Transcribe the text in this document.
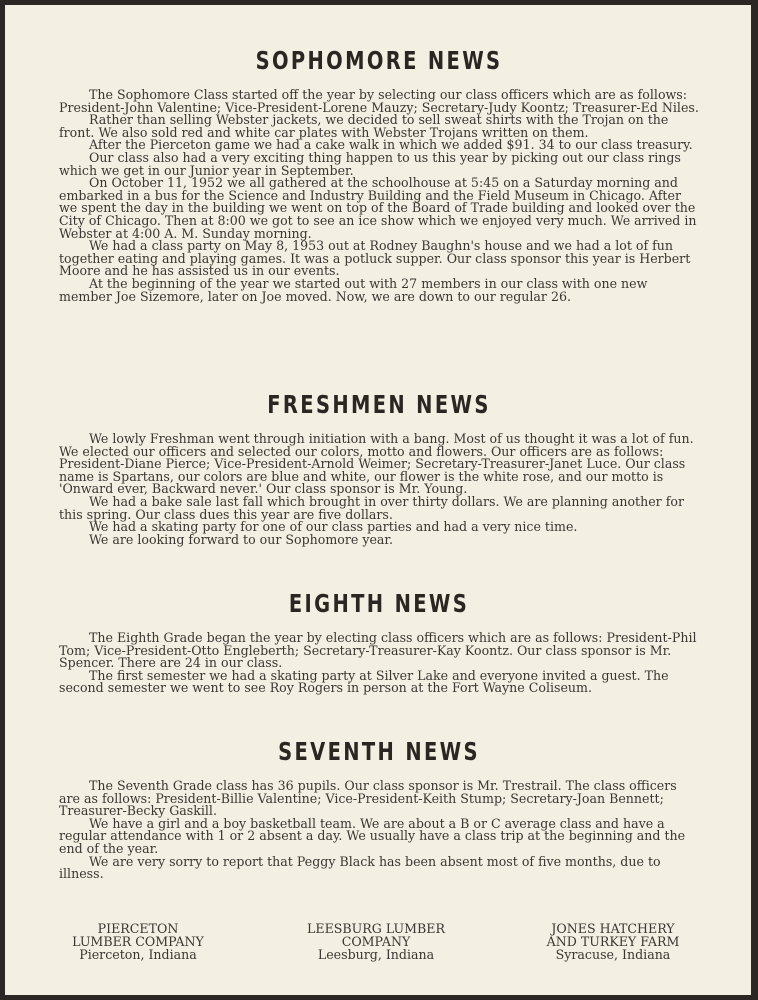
SOPHOMORE NEWS

The Sophomore Class started off the year by selecting our class officers which are as follows: President-John Valentine; Vice-President-Lorene Mauzy; Secretary-Judy Koontz; Treasurer-Ed Niles.

Rather than selling Webster jackets, we decided to sell sweat shirts with the Trojan on the front. We also sold red and white car plates with Webster Trojans written on them.

After the Pierceton game we had a cake walk in which we added $91. 34 to our class treasury.

Our class also had a very exciting thing happen to us this year by picking out our class rings which we get in our Junior year in September.

On October 11, 1952 we all gathered at the schoolhouse at 5:45 on a Saturday morning and embarked in a bus for the Science and Industry Building and the Field Museum in Chicago. After we spent the day in the building we went on top of the Board of Trade building and looked over the City of Chicago. Then at 8:00 we got to see an ice show which we enjoyed very much. We arrived in Webster at 4:00 A. M. Sunday morning.

We had a class party on May 8, 1953 out at Rodney Baughn's house and we had a lot of fun together eating and playing games. It was a potluck supper. Our class sponsor this year is Herbert Moore and he has assisted us in our events.

At the beginning of the year we started out with 27 members in our class with one new member Joe Sizemore, later on Joe moved. Now, we are down to our regular 26.

FRESHMEN NEWS

We lowly Freshman went through initiation with a bang. Most of us thought it was a lot of fun. We elected our officers and selected our colors, motto and flowers. Our officers are as follows: President-Diane Pierce; Vice-President-Arnold Weimer; Secretary-Treasurer-Janet Luce. Our class name is Spartans, our colors are blue and white, our flower is the white rose, and our motto is 'Onward ever, Backward never.' Our class sponsor is Mr. Young.

We had a bake sale last fall which brought in over thirty dollars. We are planning another for this spring. Our class dues this year are five dollars.

We had a skating party for one of our class parties and had a very nice time.

We are looking forward to our Sophomore year.

EIGHTH NEWS

The Eighth Grade began the year by electing class officers which are as follows: President-Phil Tom; Vice-President-Otto Engleberth; Secretary-Treasurer-Kay Koontz. Our class sponsor is Mr. Spencer. There are 24 in our class.

The first semester we had a skating party at Silver Lake and everyone invited a guest. The second semester we went to see Roy Rogers in person at the Fort Wayne Coliseum.

SEVENTH NEWS

The Seventh Grade class has 36 pupils. Our class sponsor is Mr. Trestrail. The class officers are as follows: President-Billie Valentine; Vice-President-Keith Stump; Secretary-Joan Bennett; Treasurer-Becky Gaskill.

We have a girl and a boy basketball team. We are about a B or C average class and have a regular attendance with 1 or 2 absent a day. We usually have a class trip at the beginning and the end of the year.

We are very sorry to report that Peggy Black has been absent most of five months, due to illness.

PIERCETON
LUMBER COMPANY
Pierceton, Indiana
LEESBURG LUMBER
COMPANY
Leesburg, Indiana
JONES HATCHERY
AND TURKEY FARM
Syracuse, Indiana
